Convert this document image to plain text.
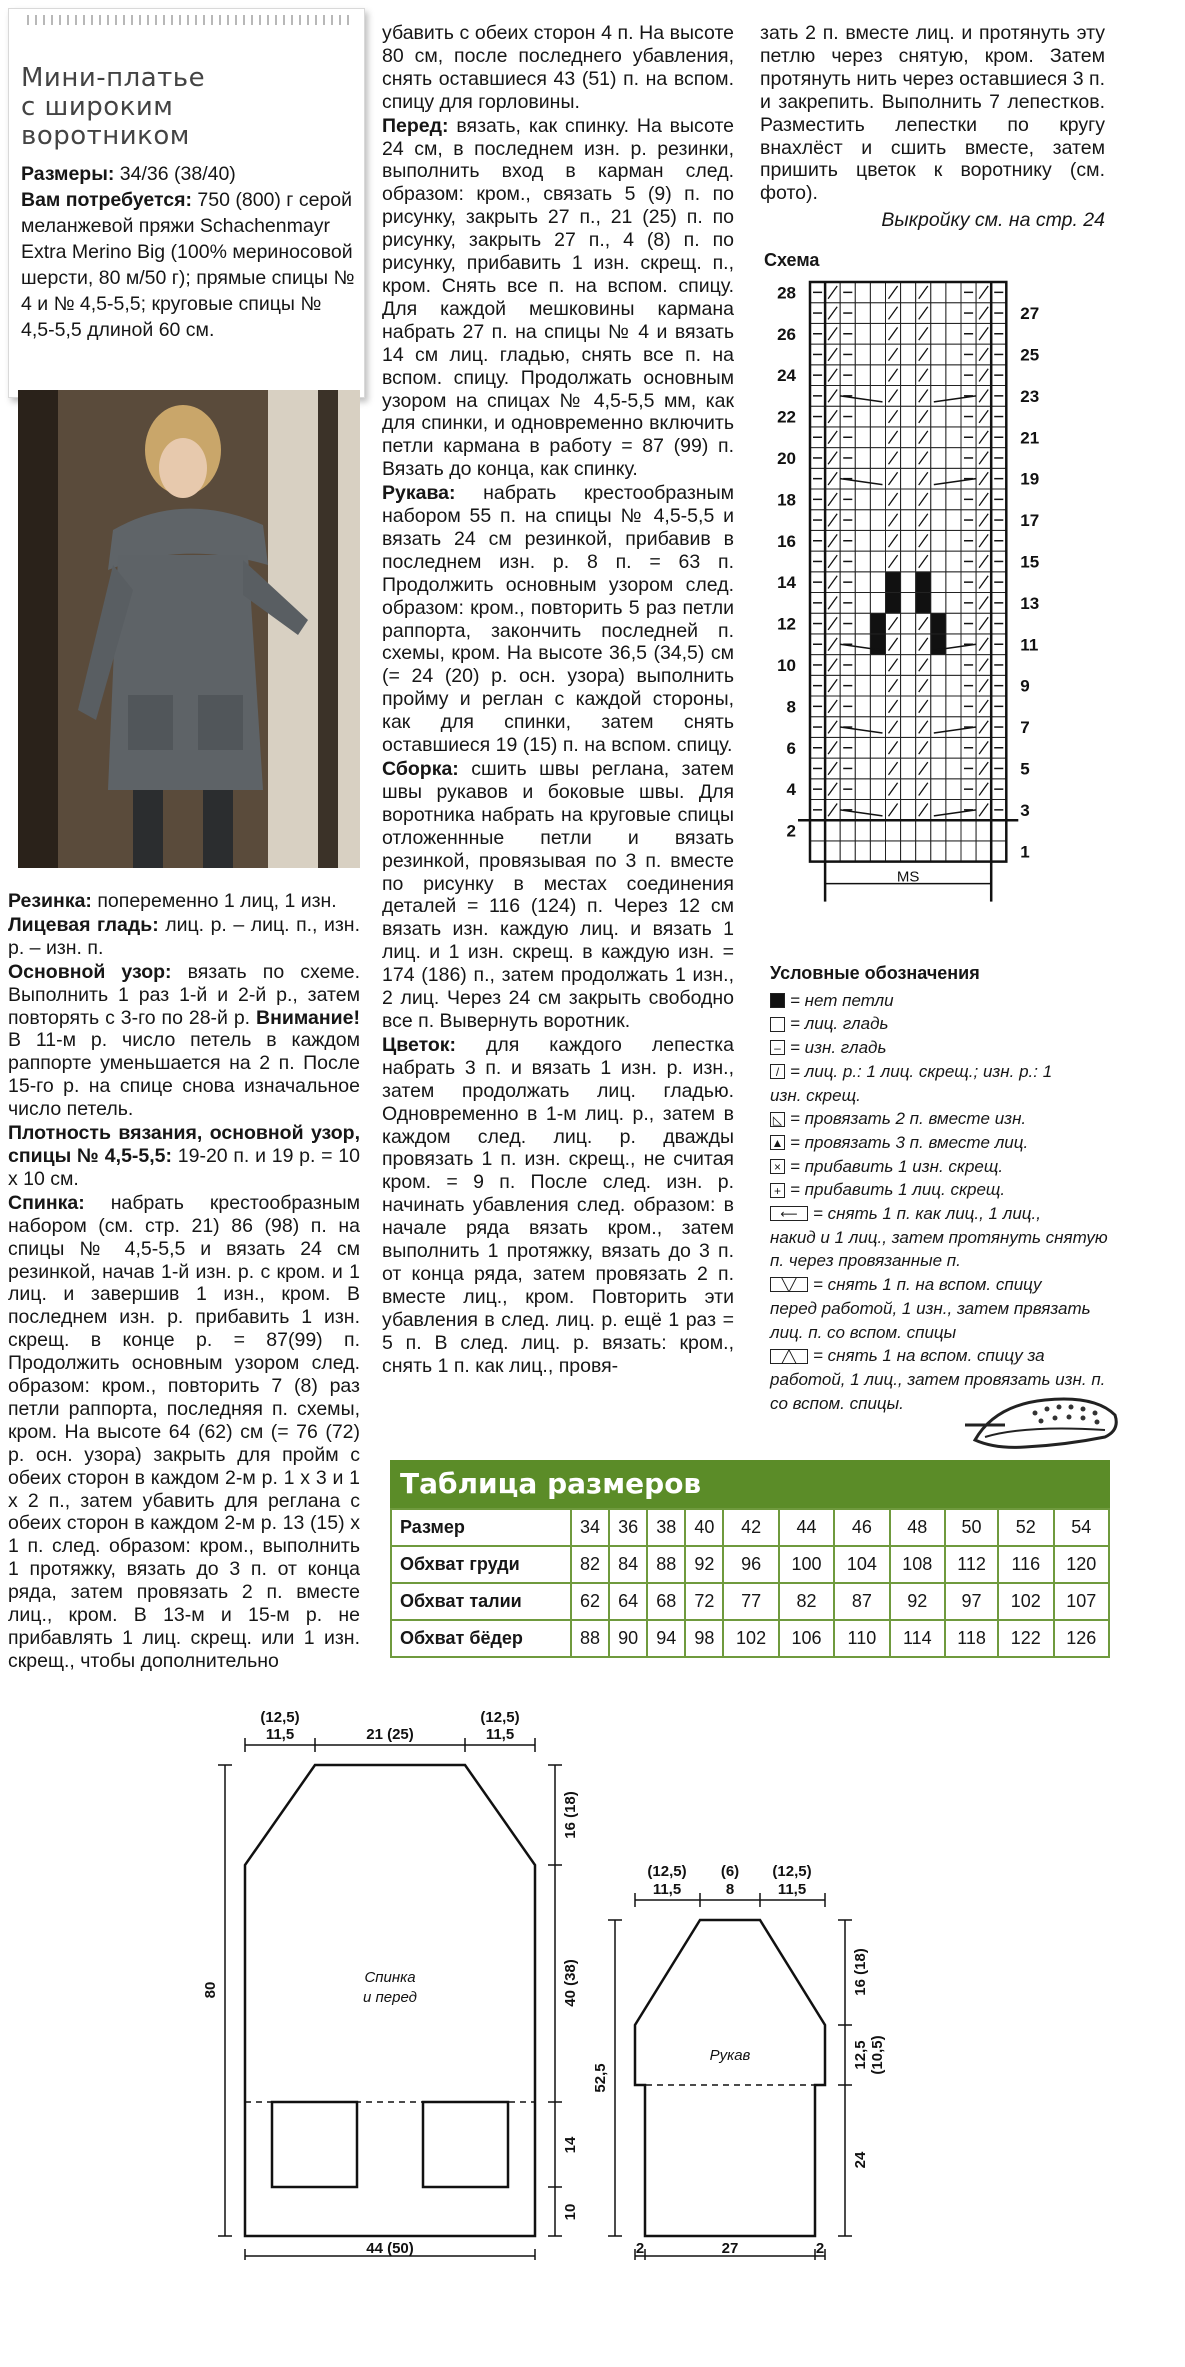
Мини-платье
с широким
воротником
Размеры: 34/36 (38/40)
Вам потребуется: 750 (800) г серой меланжевой пряжи Schachenmayr Extra Merino Big (100% мериносовой шерсти, 80 м/50 г); прямые спицы № 4 и № 4,5-5,5; круговые спицы № 4,5-5,5 длиной 60 см.

Резинка: попеременно 1 лиц, 1 изн.

Лицевая гладь: лиц. р. – лиц. п., изн. р. – изн. п.

Основной узор: вязать по схеме. Выполнить 1 раз 1-й и 2-й р., затем повторять с 3-го по 28-й р. Внимание! В 11-м р. число петель в каждом раппорте уменьшается на 2 п. После 15-го р. на спице снова изначальное число петель.

Плотность вязания, основной узор, спицы № 4,5-5,5: 19-20 п. и 19 р. = 10 х 10 см.

Спинка: набрать крестообразным набором (см. стр. 21) 86 (98) п. на спицы № 4,5-5,5 и вязать 24 см резинкой, начав 1-й изн. р. с кром. и 1 лиц. и завершив 1 изн., кром. В последнем изн. р. прибавить 1 изн. скрещ. в конце р. = 87(99) п. Продолжить основным узором след. образом: кром., повторить 7 (8) раз петли раппорта, последняя п. схемы, кром. На высоте 64 (62) см (= 76 (72) р. осн. узора) закрыть для пройм с обеих сторон в каждом 2-м р. 1 х 3 и 1 х 2 п., затем убавить для реглана с обеих сторон в каждом 2-м р. 13 (15) х 1 п. след. образом: кром., выполнить 1 протяжку, вязать до 3 п. от конца ряда, затем провязать 2 п. вместе лиц., кром. В 13-м и 15-м р. не прибавлять 1 лиц. скрещ. или 1 изн. скрещ., чтобы дополнительно

убавить с обеих сторон 4 п. На высоте 80 см, после последнего убавления, снять оставшиеся 43 (51) п. на вспом. спицу для горловины.

Перед: вязать, как спинку. На высоте 24 см, в последнем изн. р. резинки, выполнить вход в карман след. образом: кром., связать 5 (9) п. по рисунку, закрыть 27 п., 21 (25) п. по рисунку, закрыть 27 п., 4 (8) п. по рисунку, прибавить 1 изн. скрещ. п., кром. Снять все п. на вспом. спицу. Для каждой мешковины кармана набрать 27 п. на спицы № 4 и вязать 14 см лиц. гладью, снять все п. на вспом. спицу. Продолжать основным узором на спицах № 4,5-5,5 мм, как для спинки, и одновременно включить петли кармана в работу = 87 (99) п. Вязать до конца, как спинку.

Рукава: набрать крестообразным набором 55 п. на спицы № 4,5-5,5 и вязать 24 см резинкой, прибавив в последнем изн. р. 8 п. = 63 п. Продолжить основным узором след. образом: кром., повторить 5 раз петли раппорта, закончить последней п. схемы, кром. На высоте 36,5 (34,5) см (= 24 (20) р. осн. узора) выполнить пройму и реглан с каждой стороны, как для спинки, затем снять оставшиеся 19 (15) п. на вспом. спицу.

Сборка: сшить швы реглана, затем швы рукавов и боковые швы. Для воротника набрать на круговые спицы отложеннные петли и вязать резинкой, провязывая по 3 п. вместе по рисунку в местах соединения деталей = 116 (124) п. Через 12 см вязать изн. каждую лиц. и вязать 1 лиц. и 1 изн. скрещ. в каждую изн. = 174 (186) п., затем продолжать 1 изн., 2 лиц. Через 24 см закрыть свободно все п. Вывернуть воротник.

Цветок: для каждого лепестка набрать 3 п. и вязать 1 изн. р. изн., затем продолжать лиц. гладью. Одновременно в 1-м лиц. р., затем в каждом след. лиц. р. дважды провязать 1 п. изн. скрещ., не считая кром. = 9 п. После след. изн. р. начинать убавления след. образом: в начале ряда вязать кром., затем выполнить 1 протяжку, вязать до 3 п. от конца ряда, затем провязать 2 п. вместе лиц., кром. Повторить эти убавления в след. лиц. р. ещё 1 раз = 5 п. В след. лиц. р. вязать: кром., снять 1 п. как лиц., провя-

зать 2 п. вместе лиц. и протянуть эту петлю через снятую, кром. Затем протянуть нить через оставшиеся 3 п. и закрепить. Выполнить 7 лепестков. Разместить лепестки по кругу внахлёст и сшить вместе, затем пришить цветок к воротнику (см. фото).

Выкройку см. на стр. 24

Схема
28
26
24
22
20
18
16
14
12
10
8
6
4
2
27
25
23
21
19
17
15
13
11
9
7
5
3
1
MS
Условные обозначения
= нет петли
= лиц. гладь
– = изн. гладь
/ = лиц. р.: 1 лиц. скрещ.; изн. р.: 1
изн. скрещ.
◺ = провязать 2 п. вместе изн.
▲ = провязать 3 п. вместе лиц.
× = прибавить 1 изн. скрещ.
+ = прибавить 1 лиц. скрещ.
⟵ = снять 1 п. как лиц., 1 лиц.,
накид и 1 лиц., затем протянуть снятую п. через провязанные п.
╲╱ = снять 1 п. на вспом. спицу
перед работой, 1 изн., затем првязать лиц. п. со вспом. спицы
╱╲ = снять 1 на вспом. спицу за
работой, 1 лиц., затем провязать изн. п. со вспом. спицы.
Таблица размеров
Размер	34	36	38	40	42	44	46	48	50	52	54
Обхват груди	82	84	88	92	96	100	104	108	112	116	120
Обхват талии	62	64	68	72	77	82	87	92	97	102	107
Обхват бёдер	88	90	94	98	102	106	110	114	118	122	126
(12,5)
11,5	21 (25)
(12,5)
11,5
Спинка
и перед
80
16 (18)
40 (38)
14
10
44 (50)
(12,5)
11,5
(6)
8
(12,5)
11,5
Рукав
52,5
16 (18)
12,5 (10,5)
24
2	27	2
